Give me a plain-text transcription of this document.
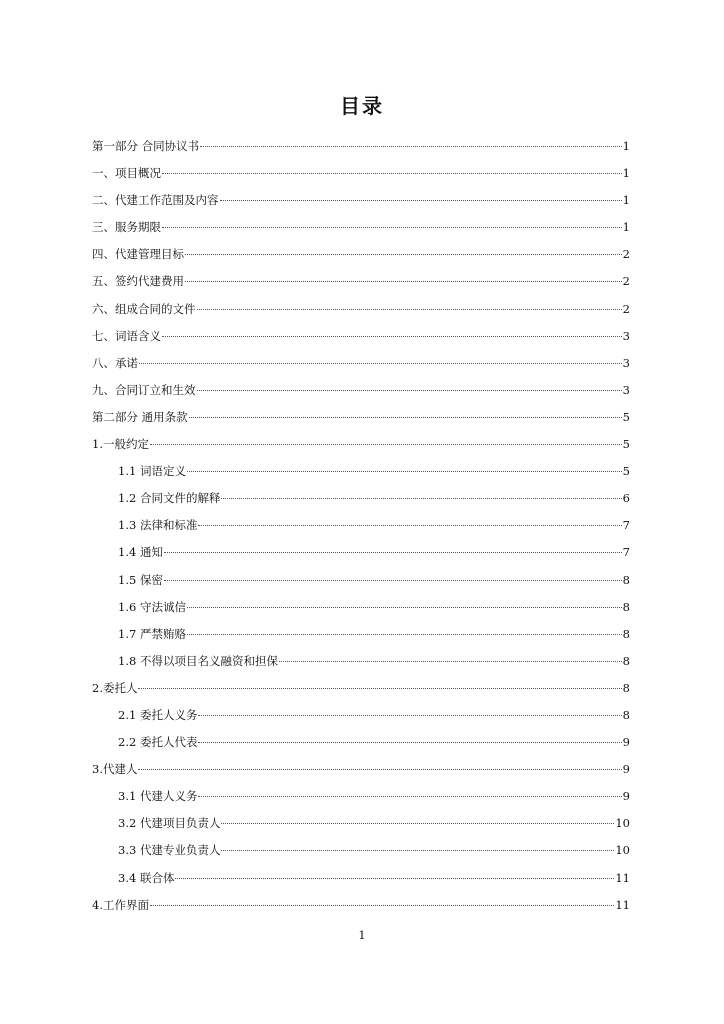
目录
第一部分 合同协议书	1
一、项目概况	1
二、代建工作范围及内容	1
三、服务期限	1
四、代建管理目标	2
五、签约代建费用	2
六、组成合同的文件	2
七、词语含义	3
八、承诺	3
九、合同订立和生效	3
第二部分 通用条款	5
1.一般约定	5
1.1 词语定义	5
1.2 合同文件的解释	6
1.3 法律和标准	7
1.4 通知	7
1.5 保密	8
1.6 守法诚信	8
1.7 严禁贿赂	8
1.8 不得以项目名义融资和担保	8
2.委托人	8
2.1 委托人义务	8
2.2 委托人代表	9
3.代建人	9
3.1 代建人义务	9
3.2 代建项目负责人	10
3.3 代建专业负责人	10
3.4 联合体	11
4.工作界面	11
1
